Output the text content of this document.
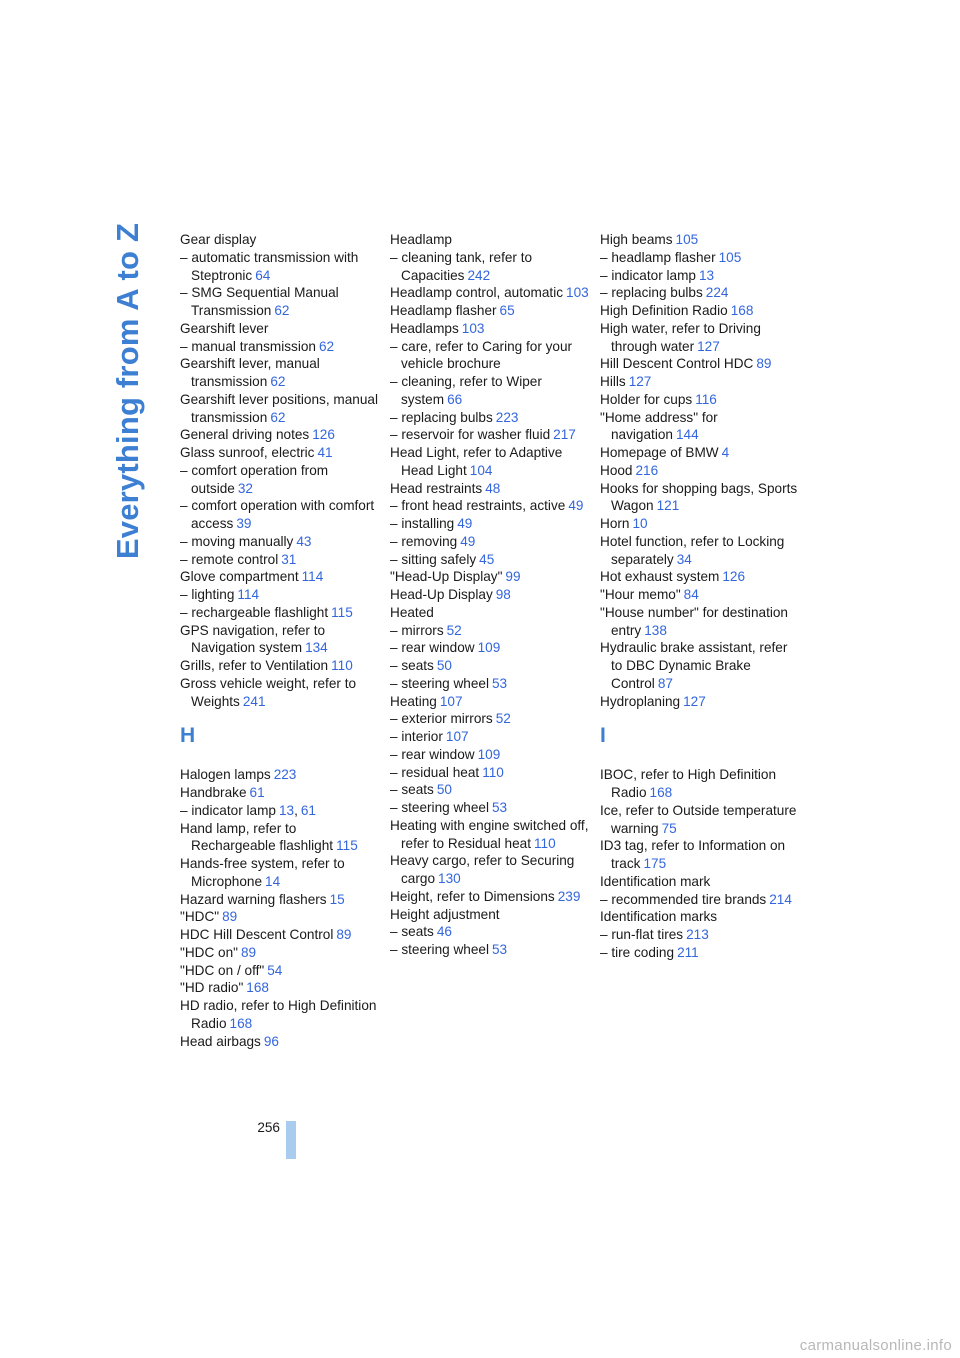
Everything from A to Z	Gear display
– automatic transmission with Steptronic 64
– SMG Sequential Manual Transmission 62
Gearshift lever
– manual transmission 62
Gearshift lever, manual transmission 62
Gearshift lever positions, manual transmission 62
General driving notes 126
Glass sunroof, electric 41
– comfort operation from outside 32
– comfort operation with comfort access 39
– moving manually 43
– remote control 31
Glove compartment 114
– lighting 114
– rechargeable flashlight 115
GPS navigation, refer to Navigation system 134
Grills, refer to Ventilation 110
Gross vehicle weight, refer to Weights 241
H
Halogen lamps 223
Handbrake 61
– indicator lamp 13, 61
Hand lamp, refer to Rechargeable flashlight 115
Hands-free system, refer to Microphone 14
Hazard warning flashers 15
"HDC" 89
HDC Hill Descent Control 89
"HDC on" 89
"HDC on / off" 54
"HD radio" 168
HD radio, refer to High Definition Radio 168
Head airbags 96
Headlamp
– cleaning tank, refer to Capacities 242
Headlamp control, automatic 103
Headlamp flasher 65
Headlamps 103
– care, refer to Caring for your vehicle brochure
– cleaning, refer to Wiper system 66
– replacing bulbs 223
– reservoir for washer fluid 217
Head Light, refer to Adaptive Head Light 104
Head restraints 48
– front head restraints, active 49
– installing 49
– removing 49
– sitting safely 45
"Head-Up Display" 99
Head-Up Display 98
Heated
– mirrors 52
– rear window 109
– seats 50
– steering wheel 53
Heating 107
– exterior mirrors 52
– interior 107
– rear window 109
– residual heat 110
– seats 50
– steering wheel 53
Heating with engine switched off, refer to Residual heat 110
Heavy cargo, refer to Securing cargo 130
Height, refer to Dimensions 239
Height adjustment
– seats 46
– steering wheel 53
High beams 105
– headlamp flasher 105
– indicator lamp 13
– replacing bulbs 224
High Definition Radio 168
High water, refer to Driving through water 127
Hill Descent Control HDC 89
Hills 127
Holder for cups 116
"Home address" for navigation 144
Homepage of BMW 4
Hood 216
Hooks for shopping bags, Sports Wagon 121
Horn 10
Hotel function, refer to Locking separately 34
Hot exhaust system 126
"Hour memo" 84
"House number" for destination entry 138
Hydraulic brake assistant, refer to DBC Dynamic Brake Control 87
Hydroplaning 127
I
IBOC, refer to High Definition Radio 168
Ice, refer to Outside temperature warning 75
ID3 tag, refer to Information on track 175
Identification mark
– recommended tire brands 214
Identification marks
– run-flat tires 213
– tire coding 211
256
carmanualsonline.info
